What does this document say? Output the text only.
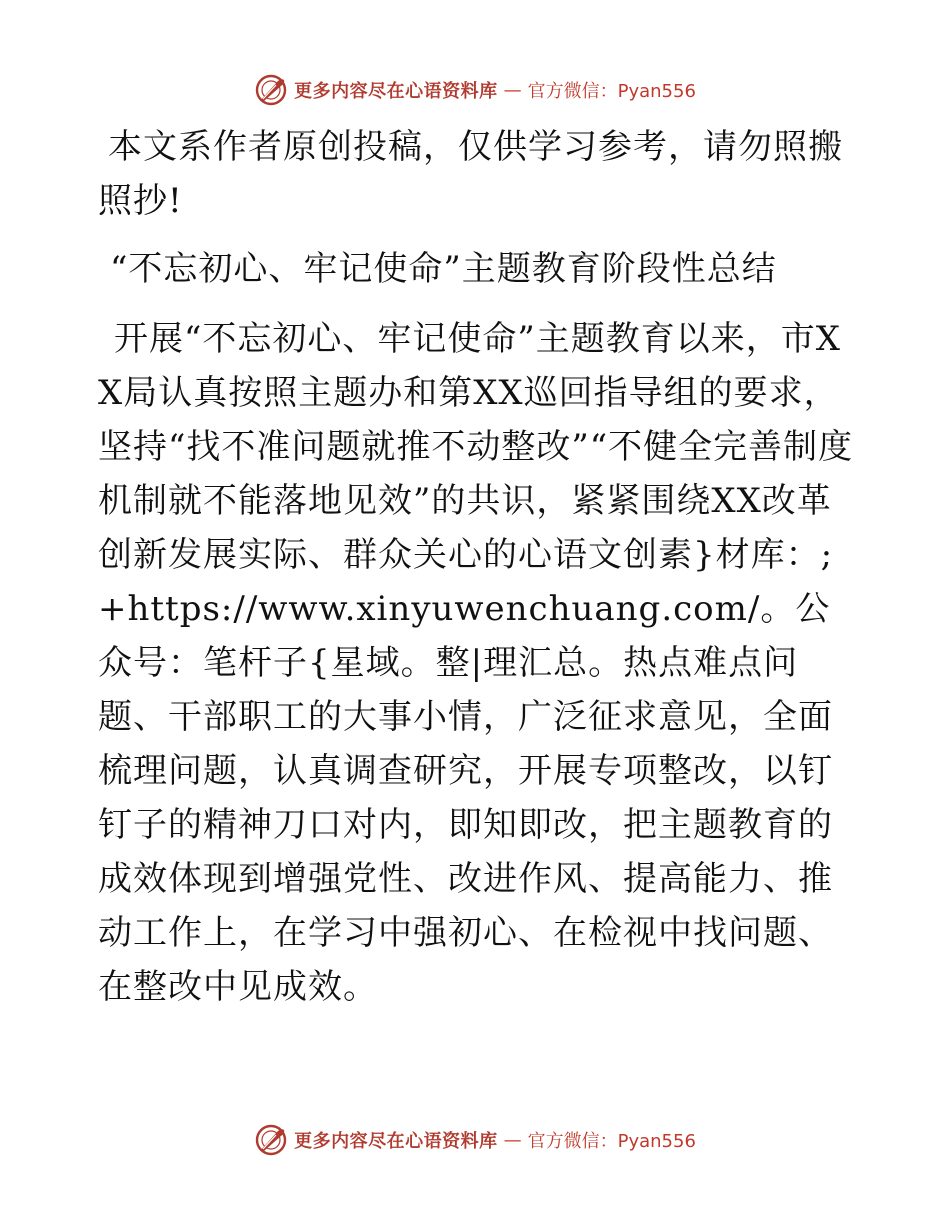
更多内容尽在心语资料库 — 官方微信：Pyan556

本文系作者原创投稿，仅供学习参考，请勿照搬照抄!

“不忘初心、牢记使命”主题教育阶段性总结

开展“不忘初心、牢记使命”主题教育以来，市XX局认真按照主题办和第XX巡回指导组的要求，坚持“找不准问题就推不动整改”“不健全完善制度机制就不能落地见效”的共识，紧紧围绕XX改革创新发展实际、群众关心的心语文创素}材库：;+https://www.xinyuwenchuang.com/。公众号：笔杆子{星域。整|理汇总。热点难点问题、干部职工的大事小情，广泛征求意见，全面梳理问题，认真调查研究，开展专项整改，以钉钉子的精神刀口对内，即知即改，把主题教育的成效体现到增强党性、改进作风、提高能力、推动工作上，在学习中强初心、在检视中找问题、在整改中见成效。

更多内容尽在心语资料库 — 官方微信：Pyan556
